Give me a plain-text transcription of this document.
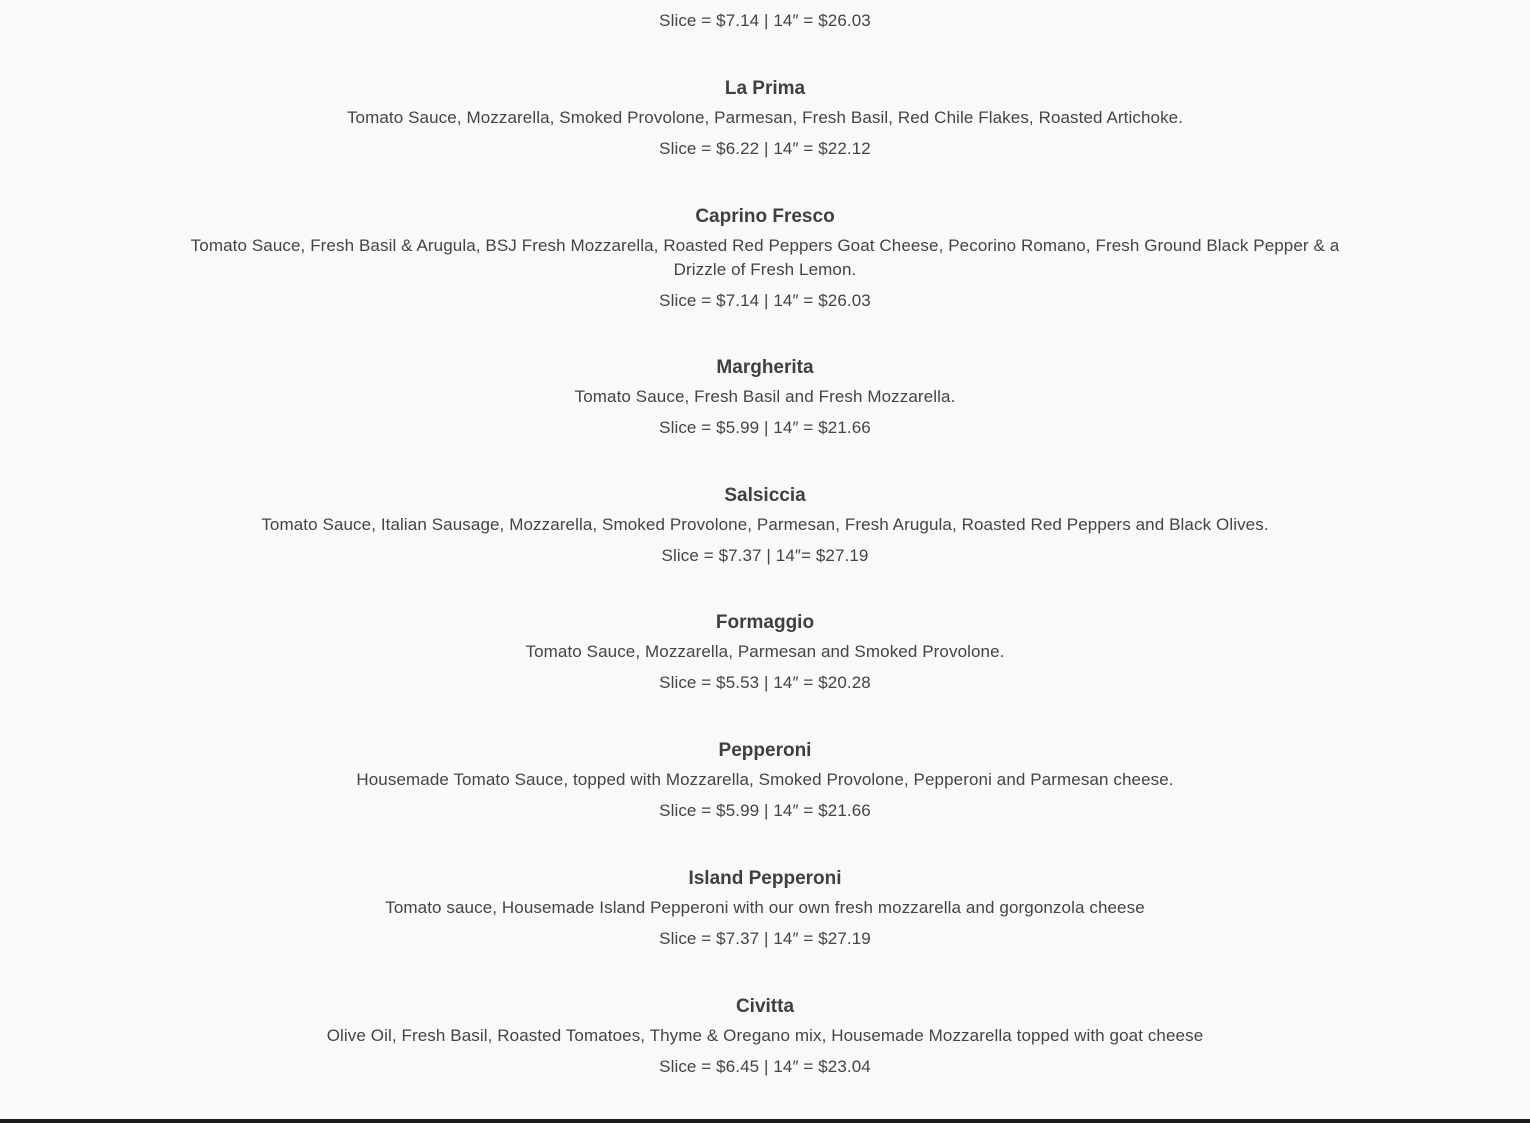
Slice = $7.14 | 14″ = $26.03
La Prima

Tomato Sauce, Mozzarella, Smoked Provolone, Parmesan, Fresh Basil, Red Chile Flakes, Roasted Artichoke.

Slice = $6.22 | 14″ = $22.12

Caprino Fresco

Tomato Sauce, Fresh Basil & Arugula, BSJ Fresh Mozzarella, Roasted Red Peppers Goat Cheese, Pecorino Romano, Fresh Ground Black Pepper & a Drizzle of Fresh Lemon.

Slice = $7.14 | 14″ = $26.03

Margherita

Tomato Sauce, Fresh Basil and Fresh Mozzarella.

Slice = $5.99 | 14″ = $21.66

Salsiccia

Tomato Sauce, Italian Sausage, Mozzarella, Smoked Provolone, Parmesan, Fresh Arugula, Roasted Red Peppers and Black Olives.

Slice = $7.37 | 14″= $27.19

Formaggio

Tomato Sauce, Mozzarella, Parmesan and Smoked Provolone.

Slice = $5.53 | 14″ = $20.28

Pepperoni

Housemade Tomato Sauce, topped with Mozzarella, Smoked Provolone, Pepperoni and Parmesan cheese.

Slice = $5.99 | 14″ = $21.66

Island Pepperoni

Tomato sauce, Housemade Island Pepperoni with our own fresh mozzarella and gorgonzola cheese

Slice = $7.37 | 14″ = $27.19

Civitta

Olive Oil, Fresh Basil, Roasted Tomatoes, Thyme & Oregano mix, Housemade Mozzarella topped with goat cheese

Slice = $6.45 | 14″ = $23.04
